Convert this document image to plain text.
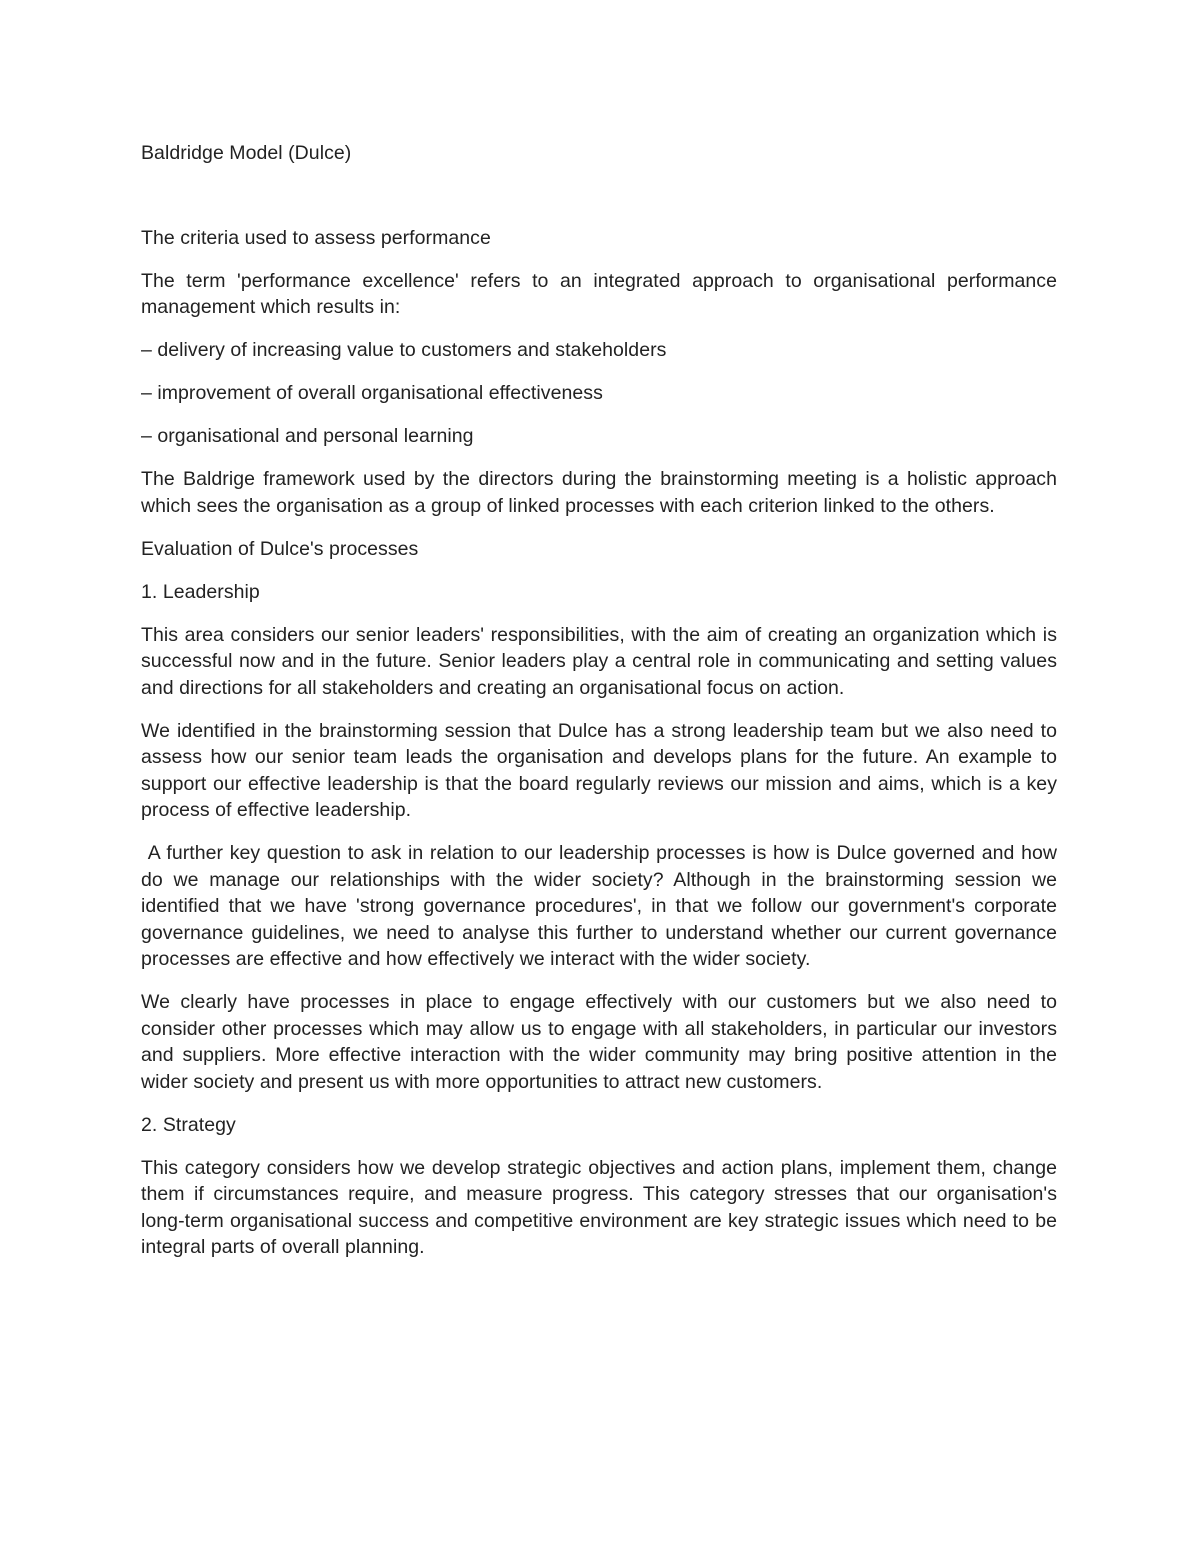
Baldridge Model (Dulce)
The criteria used to assess performance
The term 'performance excellence' refers to an integrated approach to organisational performance management which results in:
– delivery of increasing value to customers and stakeholders
– improvement of overall organisational effectiveness
– organisational and personal learning
The Baldrige framework used by the directors during the brainstorming meeting is a holistic approach which sees the organisation as a group of linked processes with each criterion linked to the others.
Evaluation of Dulce's processes
1. Leadership
This area considers our senior leaders' responsibilities, with the aim of creating an organization which is successful now and in the future. Senior leaders play a central role in communicating and setting values and directions for all stakeholders and creating an organisational focus on action.
We identified in the brainstorming session that Dulce has a strong leadership team but we also need to assess how our senior team leads the organisation and develops plans for the future. An example to support our effective leadership is that the board regularly reviews our mission and aims, which is a key process of effective leadership.
A further key question to ask in relation to our leadership processes is how is Dulce governed and how do we manage our relationships with the wider society? Although in the brainstorming session we identified that we have 'strong governance procedures', in that we follow our government's corporate governance guidelines, we need to analyse this further to understand whether our current governance processes are effective and how effectively we interact with the wider society.
We clearly have processes in place to engage effectively with our customers but we also need to consider other processes which may allow us to engage with all stakeholders, in particular our investors and suppliers. More effective interaction with the wider community may bring positive attention in the wider society and present us with more opportunities to attract new customers.
2. Strategy
This category considers how we develop strategic objectives and action plans, implement them, change them if circumstances require, and measure progress. This category stresses that our organisation's long-term organisational success and competitive environment are key strategic issues which need to be integral parts of overall planning.
